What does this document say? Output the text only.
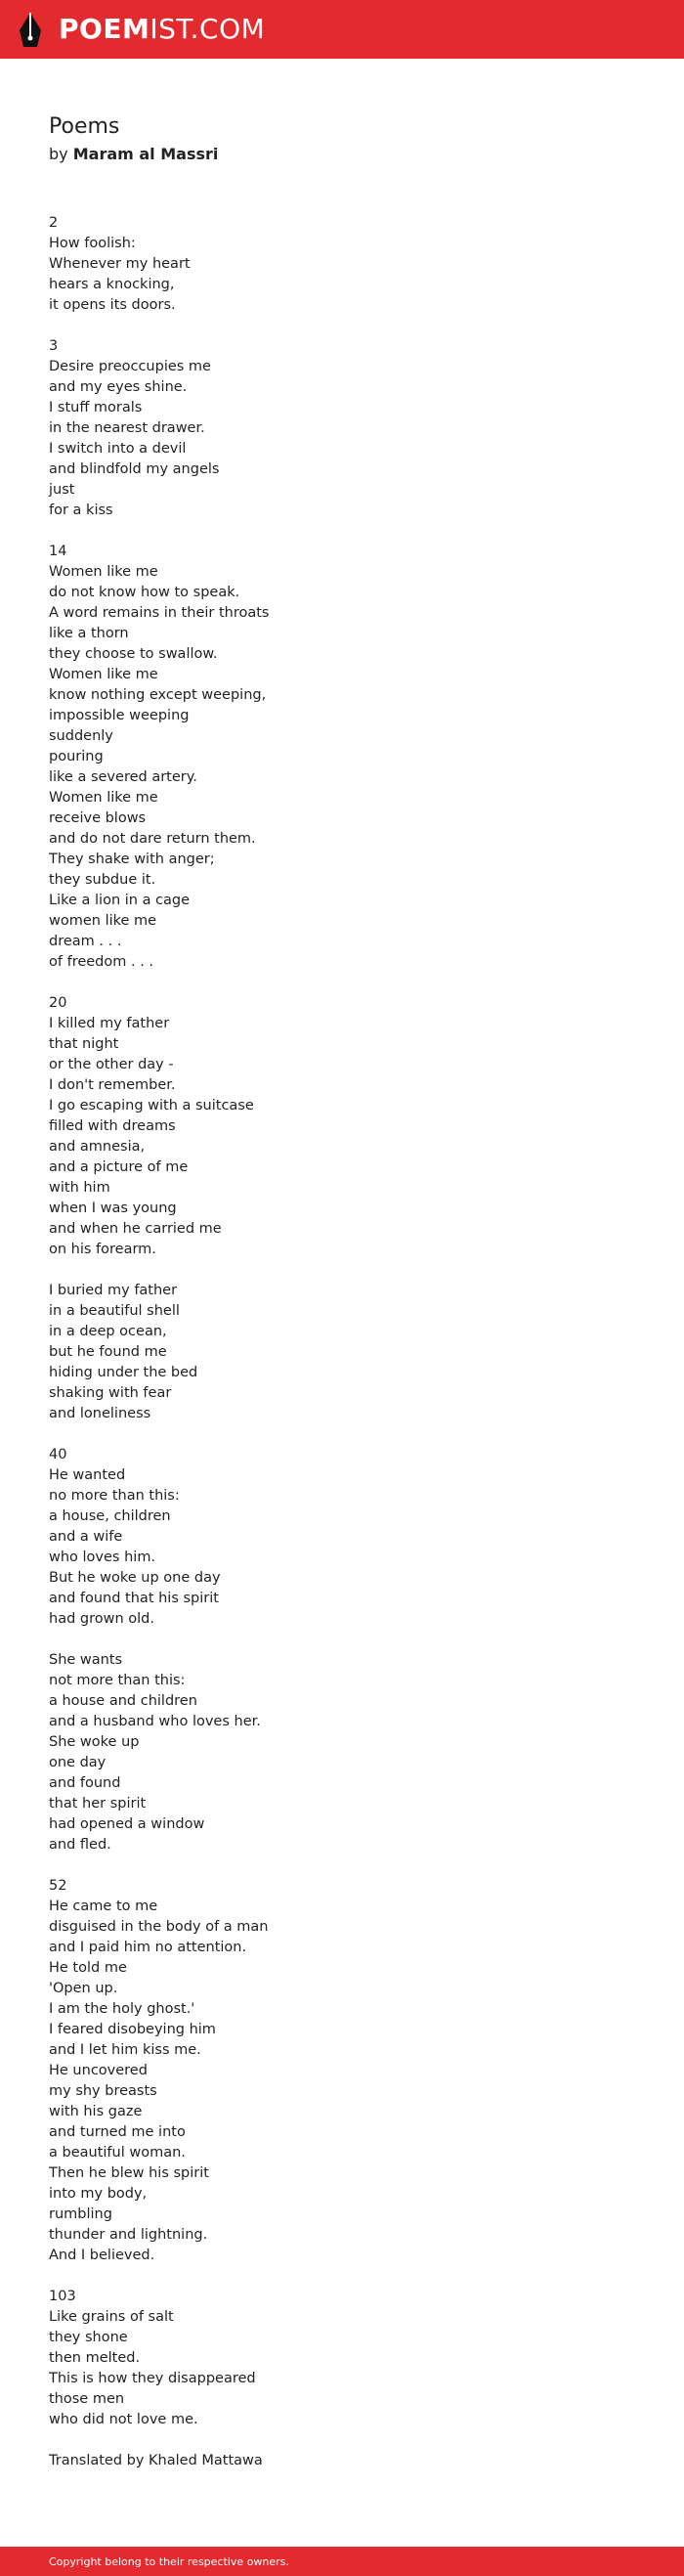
POEMIST.COM
Poems
by Maram al Massri
2
How foolish:
Whenever my heart
hears a knocking,
it opens its doors.
3
Desire preoccupies me
and my eyes shine.
I stuff morals
in the nearest drawer.
I switch into a devil
and blindfold my angels
just
for a kiss
14
Women like me
do not know how to speak.
A word remains in their throats
like a thorn
they choose to swallow.
Women like me
know nothing except weeping,
impossible weeping
suddenly
pouring
like a severed artery.
Women like me
receive blows
and do not dare return them.
They shake with anger;
they subdue it.
Like a lion in a cage
women like me
dream . . .
of freedom . . .
20
I killed my father
that night
or the other day -
I don't remember.
I go escaping with a suitcase
filled with dreams
and amnesia,
and a picture of me
with him
when I was young
and when he carried me
on his forearm.
I buried my father
in a beautiful shell
in a deep ocean,
but he found me
hiding under the bed
shaking with fear
and loneliness
40
He wanted
no more than this:
a house, children
and a wife
who loves him.
But he woke up one day
and found that his spirit
had grown old.
She wants
not more than this:
a house and children
and a husband who loves her.
She woke up
one day
and found
that her spirit
had opened a window
and fled.
52
He came to me
disguised in the body of a man
and I paid him no attention.
He told me
'Open up.
I am the holy ghost.'
I feared disobeying him
and I let him kiss me.
He uncovered
my shy breasts
with his gaze
and turned me into
a beautiful woman.
Then he blew his spirit
into my body,
rumbling
thunder and lightning.
And I believed.
103
Like grains of salt
they shone
then melted.
This is how they disappeared
those men
who did not love me.
Translated by Khaled Mattawa
Copyright belong to their respective owners.
